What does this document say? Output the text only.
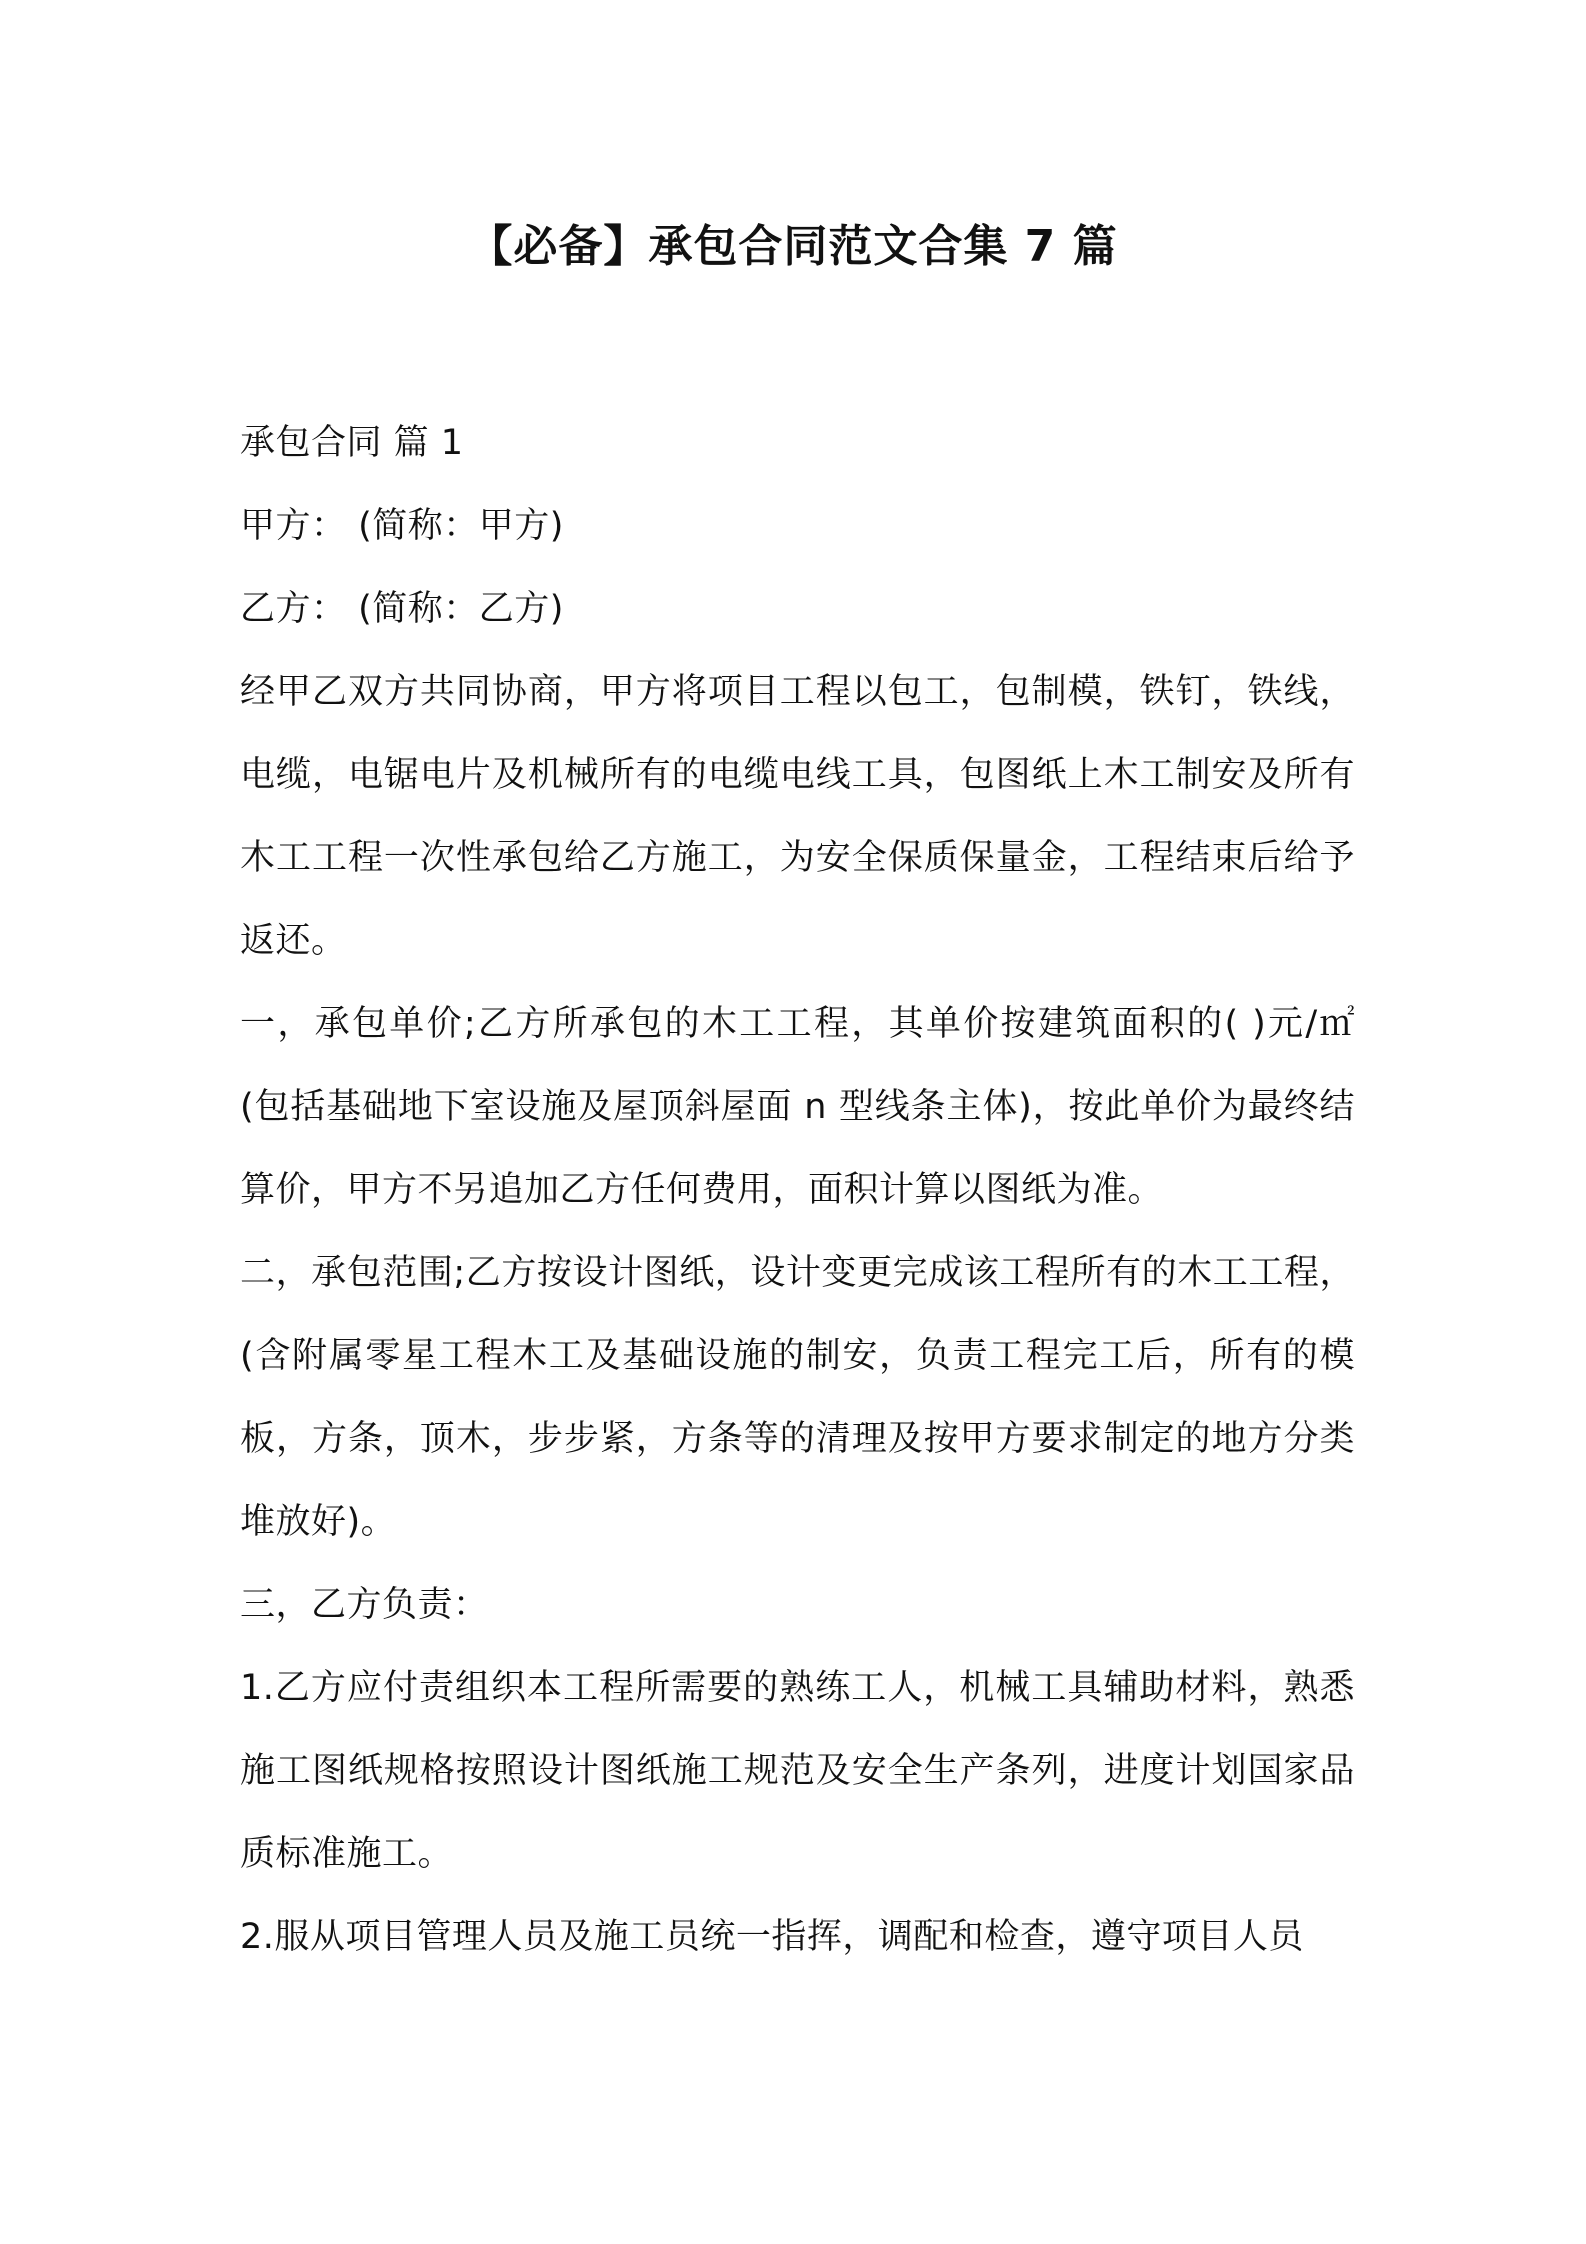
【必备】承包合同范文合集 7 篇

承包合同 篇 1

甲方： (简称：甲方)

乙方： (简称：乙方)

经甲乙双方共同协商，甲方将项目工程以包工，包制模，铁钉，铁线，电缆，电锯电片及机械所有的电缆电线工具，包图纸上木工制安及所有木工工程一次性承包给乙方施工，为安全保质保量金，工程结束后给予返还。

一，承包单价;乙方所承包的木工工程，其单价按建筑面积的( )元/㎡ (包括基础地下室设施及屋顶斜屋面 n 型线条主体)，按此单价为最终结算价，甲方不另追加乙方任何费用，面积计算以图纸为准。

二，承包范围;乙方按设计图纸，设计变更完成该工程所有的木工工程，(含附属零星工程木工及基础设施的制安，负责工程完工后，所有的模板，方条，顶木，步步紧，方条等的清理及按甲方要求制定的地方分类堆放好)。

三，乙方负责：

1.乙方应付责组织本工程所需要的熟练工人，机械工具辅助材料，熟悉施工图纸规格按照设计图纸施工规范及安全生产条列，进度计划国家品质标准施工。

2.服从项目管理人员及施工员统一指挥，调配和检查，遵守项目人员
